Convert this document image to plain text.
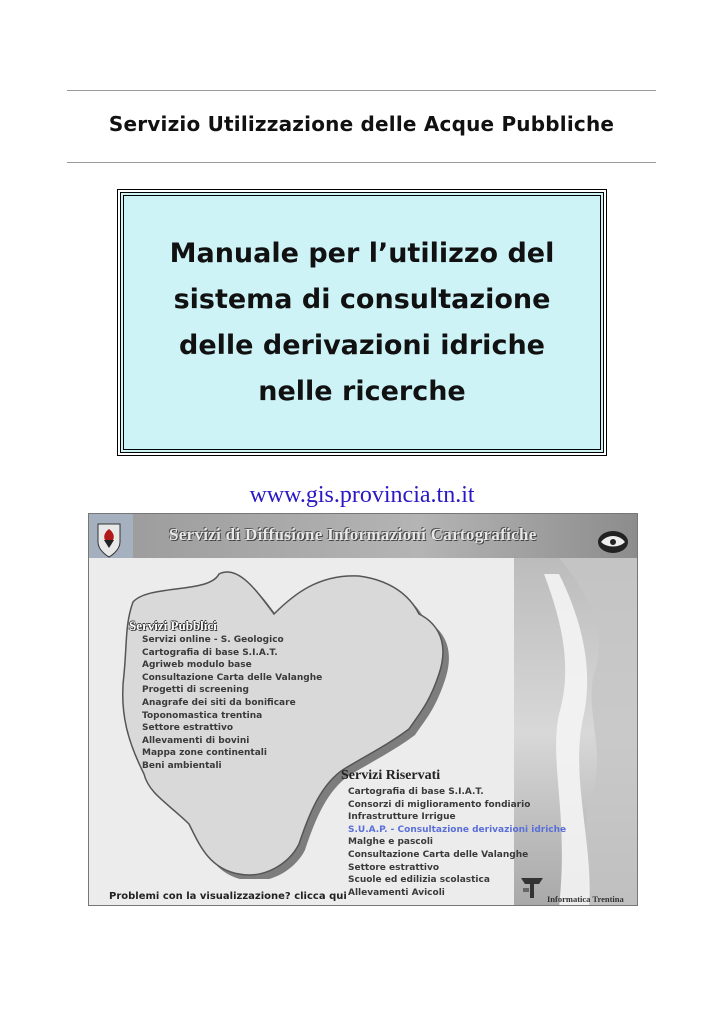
Servizio Utilizzazione delle Acque Pubbliche

Manuale per l’utilizzo del sistema di consultazione delle derivazioni idriche nelle ricerche

www.gis.provincia.tn.it
Servizi di Diffusione Informazioni Cartografiche
Servizi Pubblici
Servizi online - S. Geologico
Cartografia di base S.I.A.T.
Agriweb modulo base
Consultazione Carta delle Valanghe
Progetti di screening
Anagrafe dei siti da bonificare
Toponomastica trentina
Settore estrattivo
Allevamenti di bovini
Mappa zone continentali
Beni ambientali
Servizi Riservati
Cartografia di base S.I.A.T.
Consorzi di miglioramento fondiario
Infrastrutture Irrigue
S.U.A.P. - Consultazione derivazioni idriche
Malghe e pascoli
Consultazione Carta delle Valanghe
Settore estrattivo
Scuole ed edilizia scolastica
Allevamenti Avicoli
Problemi con la visualizzazione? clicca qui	Informatica Trentina
